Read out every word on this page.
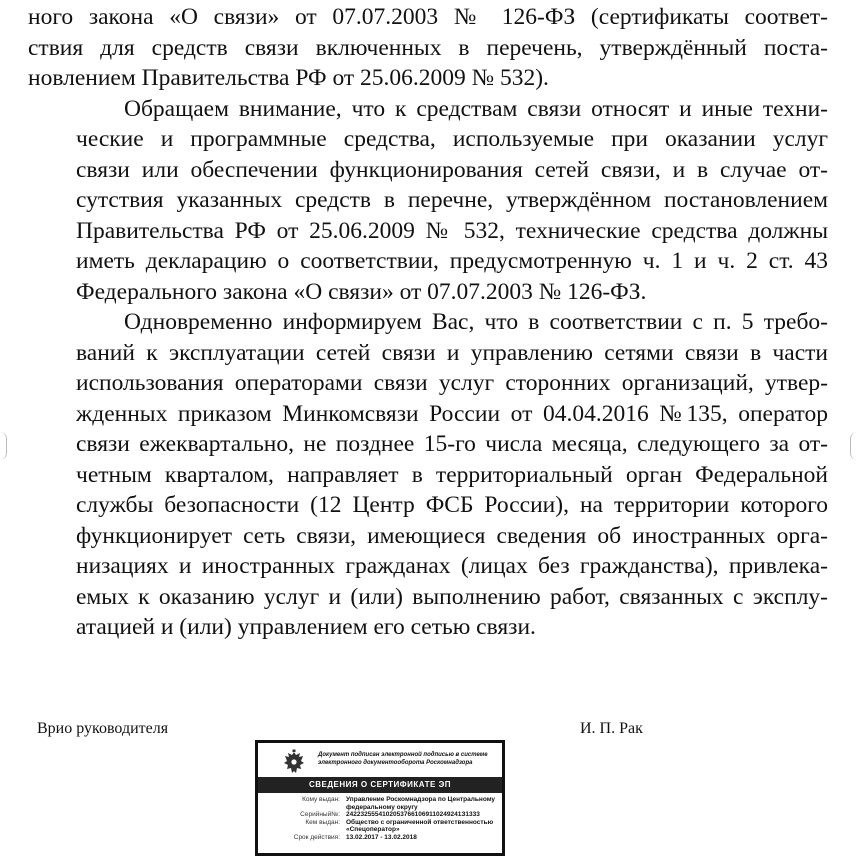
ного закона «О связи» от 07.07.2003 № 126-ФЗ (сертификаты соответ-
ствия для средств связи включенных в перечень, утверждённый поста-
новлением Правительства РФ от 25.06.2009 № 532).

Обращаем внимание, что к средствам связи относят и иные техни-
ческие и программные средства, используемые при оказании услуг
связи или обеспечении функционирования сетей связи, и в случае от-
сутствия указанных средств в перечне, утверждённом постановлением
Правительства РФ от 25.06.2009 № 532, технические средства должны
иметь декларацию о соответствии, предусмотренную ч. 1 и ч. 2 ст. 43
Федерального закона «О связи» от 07.07.2003 № 126-ФЗ.

Одновременно информируем Вас, что в соответствии с п. 5 требо-
ваний к эксплуатации сетей связи и управлению сетями связи в части
использования операторами связи услуг сторонних организаций, утвер-
жденных приказом Минкомсвязи России от 04.04.2016 №135, оператор
связи ежеквартально, не позднее 15-го числа месяца, следующего за от-
четным кварталом, направляет в территориальный орган Федеральной
службы безопасности (12 Центр ФСБ России), на территории которого
функционирует сеть связи, имеющиеся сведения об иностранных орга-
низациях и иностранных гражданах (лицах без гражданства), привлека-
емых к оказанию услуг и (или) выполнению работ, связанных с эксплу-
атацией и (или) управлением его сетью связи.

Врио руководителя	И. П. Рак
Документ подписан электронной подписью в системе электронного документооборота Роскомнадзора
СВЕДЕНИЯ О СЕРТИФИКАТЕ ЭП
Кому выдан: Управление Роскомнадзора по Центральному федеральному округу
Серийный№: 24223255541020537661069110249241З1333
Кем выдан: Общество с ограниченной ответственностью «Спецоператор»
Срок действия: 13.02.2017 - 13.02.2018
